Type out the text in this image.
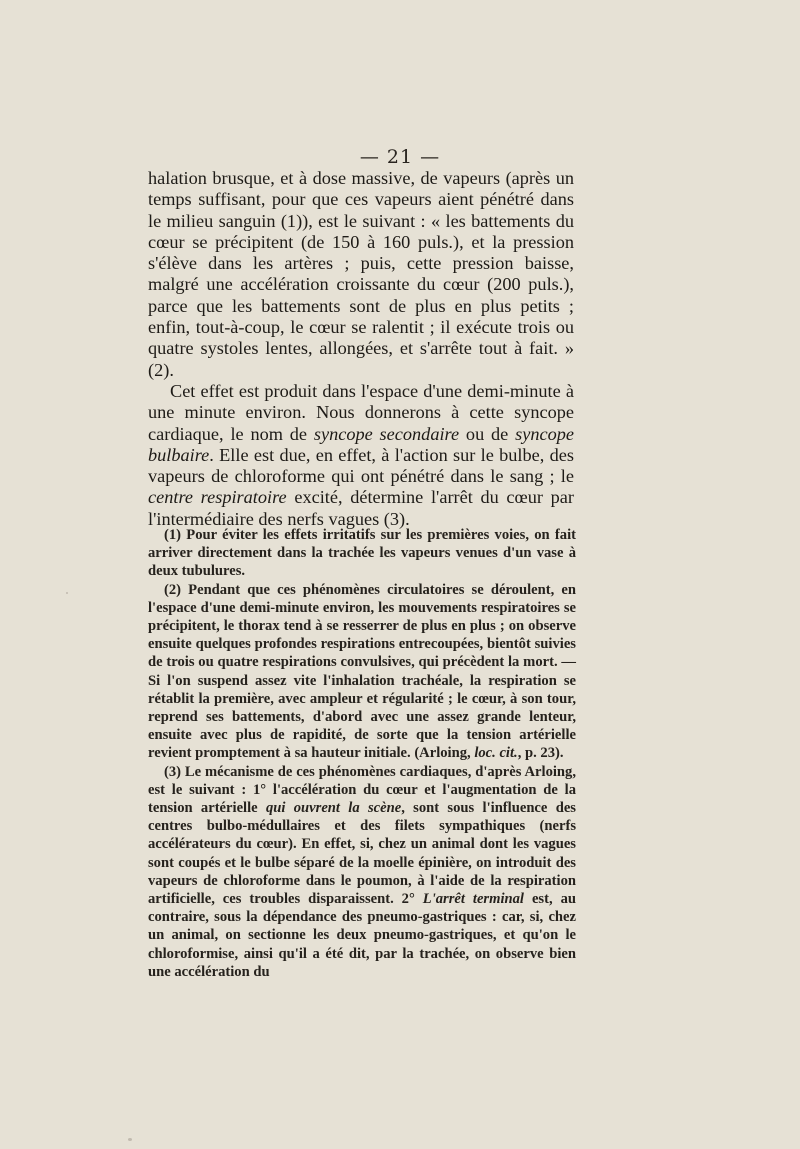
— 21 —

halation brusque, et à dose massive, de vapeurs (après un temps suffisant, pour que ces vapeurs aient pénétré dans le milieu sanguin (1)), est le suivant : « les battements du cœur se précipitent (de 150 à 160 puls.), et la pression s'élève dans les artères ; puis, cette pression baisse, malgré une accélération croissante du cœur (200 puls.), parce que les battements sont de plus en plus petits ; enfin, tout-à-coup, le cœur se ralentit ; il exécute trois ou quatre systoles lentes, allongées, et s'arrête tout à fait. » (2).

Cet effet est produit dans l'espace d'une demi-minute à une minute environ. Nous donnerons à cette syncope cardiaque, le nom de syncope secondaire ou de syncope bulbaire. Elle est due, en effet, à l'action sur le bulbe, des vapeurs de chloroforme qui ont pénétré dans le sang ; le centre respiratoire excité, détermine l'arrêt du cœur par l'intermédiaire des nerfs vagues (3).

(1) Pour éviter les effets irritatifs sur les premières voies, on fait arriver directement dans la trachée les vapeurs venues d'un vase à deux tubulures.

(2) Pendant que ces phénomènes circulatoires se déroulent, en l'espace d'une demi-minute environ, les mouvements respiratoires se précipitent, le thorax tend à se resserrer de plus en plus ; on observe ensuite quelques profondes respirations entrecoupées, bientôt suivies de trois ou quatre respirations convulsives, qui précèdent la mort. — Si l'on suspend assez vite l'inhalation trachéale, la respiration se rétablit la première, avec ampleur et régularité ; le cœur, à son tour, reprend ses battements, d'abord avec une assez grande lenteur, ensuite avec plus de rapidité, de sorte que la tension artérielle revient promptement à sa hauteur initiale. (Arloing, loc. cit., p. 23).

(3) Le mécanisme de ces phénomènes cardiaques, d'après Arloing, est le suivant : 1° l'accélération du cœur et l'augmentation de la tension artérielle qui ouvrent la scène, sont sous l'influence des centres bulbo-médullaires et des filets sympathiques (nerfs accélérateurs du cœur). En effet, si, chez un animal dont les vagues sont coupés et le bulbe séparé de la moelle épinière, on introduit des vapeurs de chloroforme dans le poumon, à l'aide de la respiration artificielle, ces troubles disparaissent. 2° L'arrêt terminal est, au contraire, sous la dépendance des pneumo-gastriques : car, si, chez un animal, on sectionne les deux pneumo-gastriques, et qu'on le chloroformise, ainsi qu'il a été dit, par la trachée, on observe bien une accélération du
